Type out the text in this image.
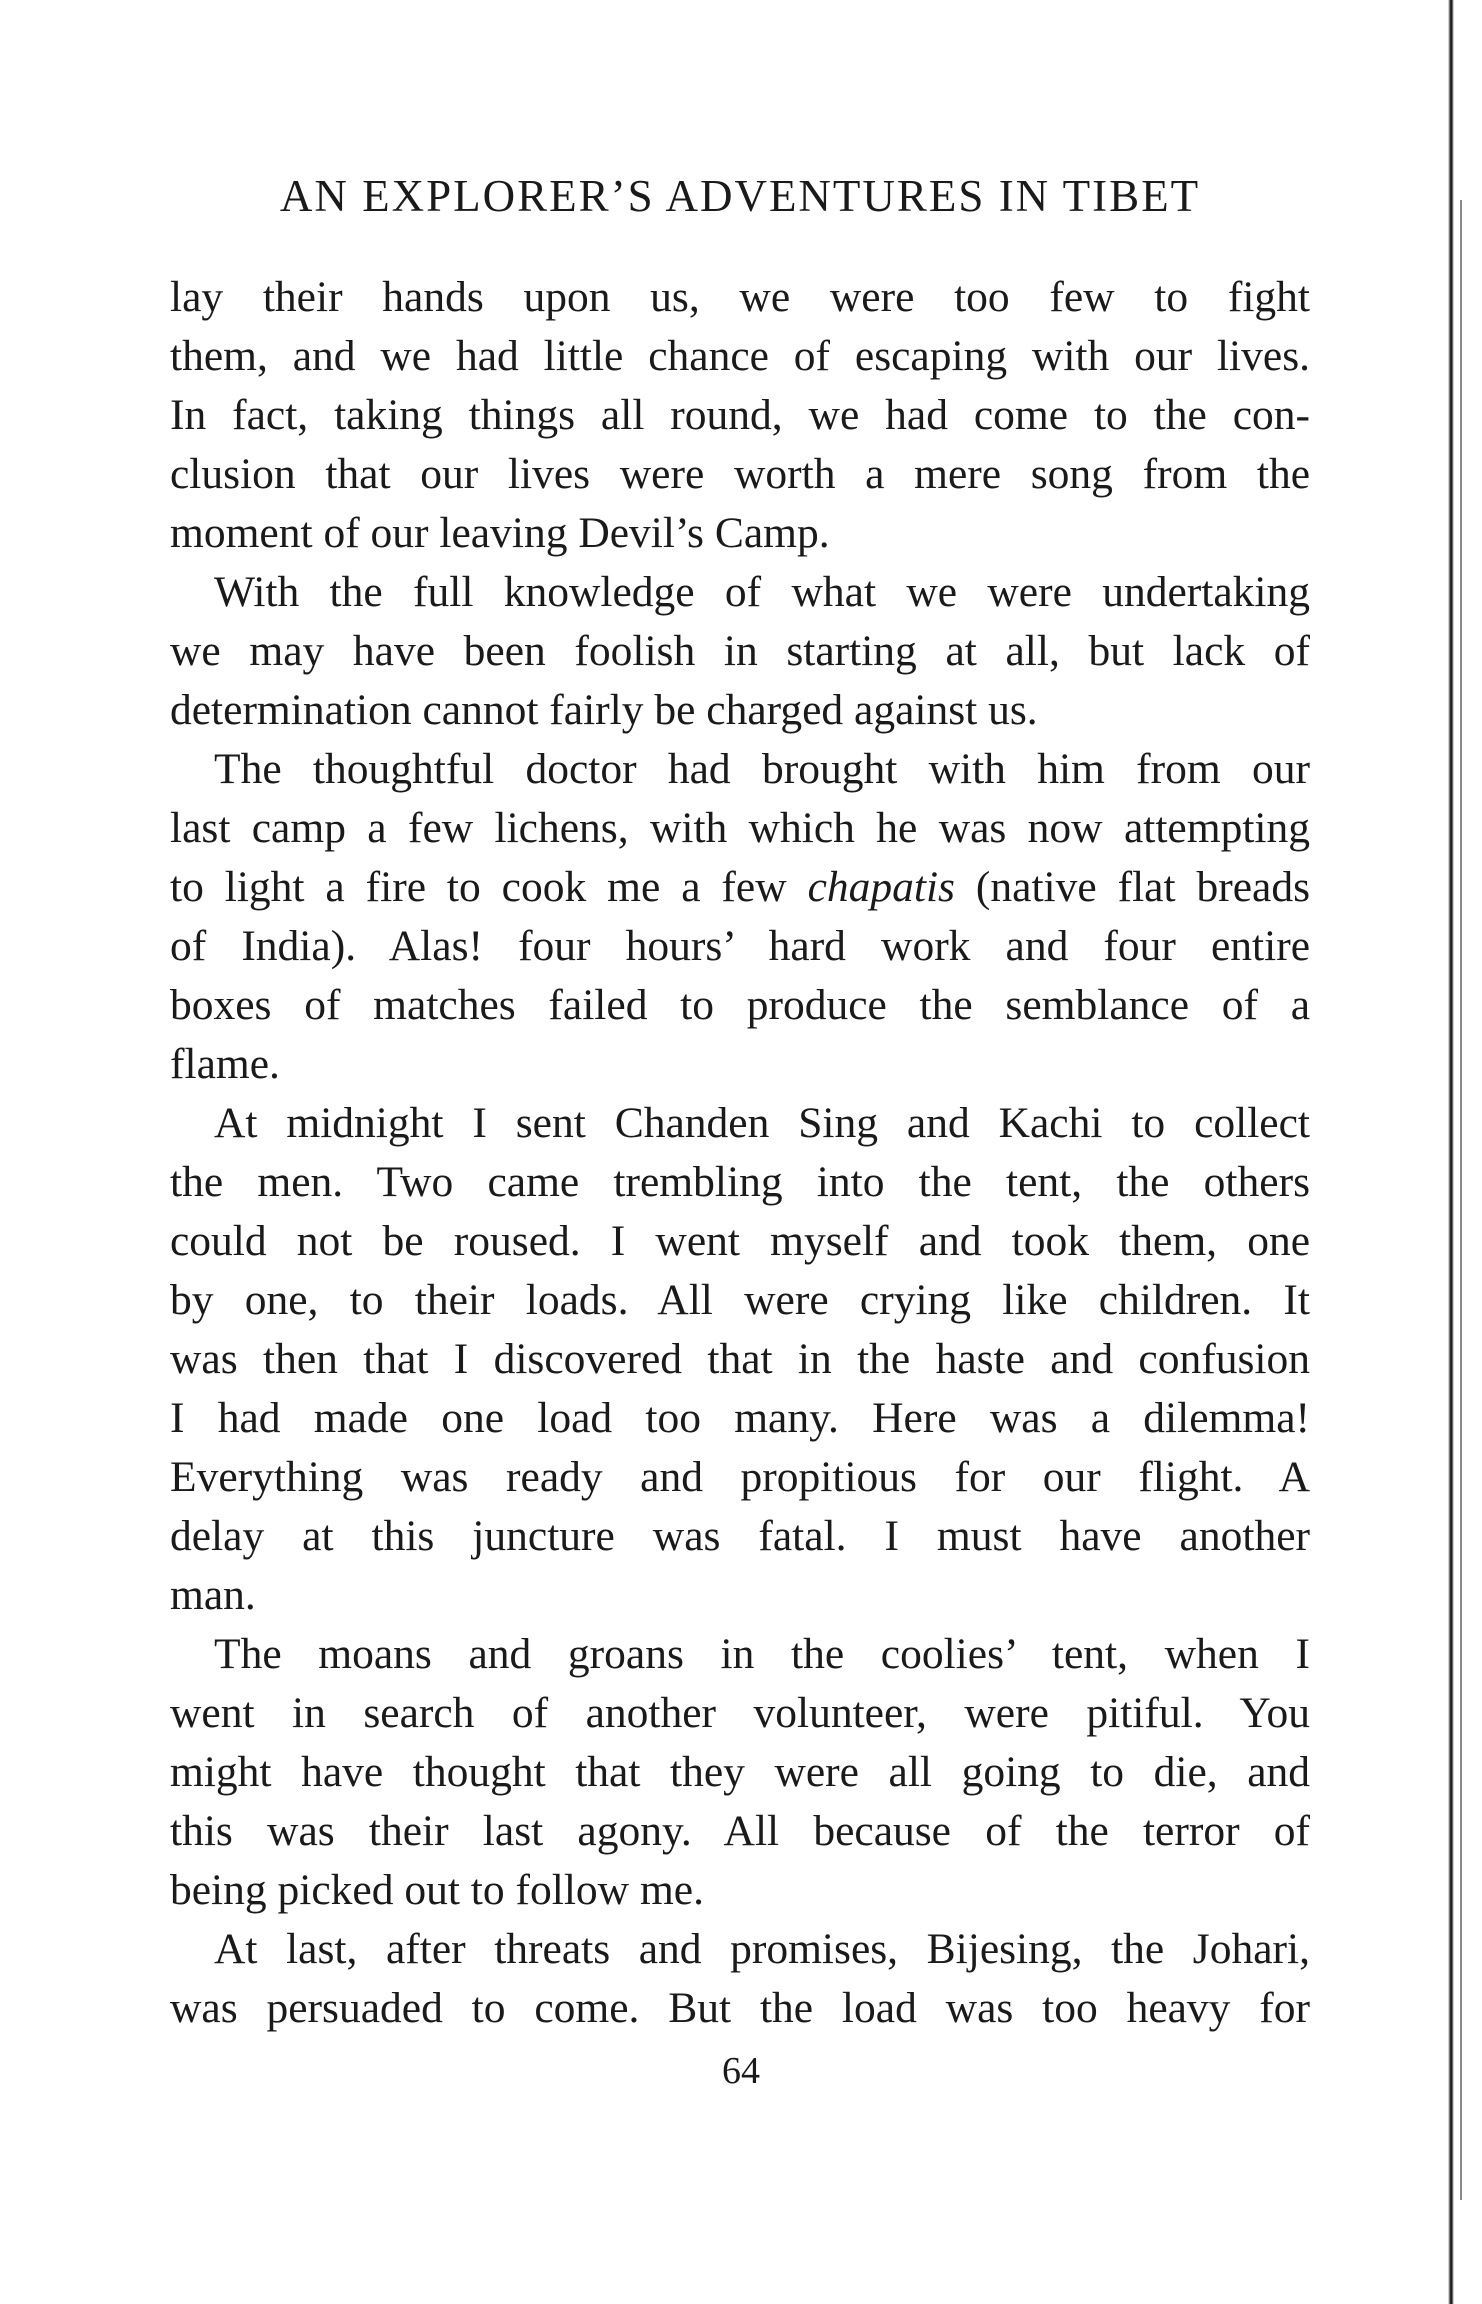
AN EXPLORER’S ADVENTURES IN TIBET
lay their hands upon us, we were too few to fight
them, and we had little chance of escaping with our lives.
In fact, taking things all round, we had come to the con-
clusion that our lives were worth a mere song from the
moment of our leaving Devil’s Camp.
With the full knowledge of what we were undertaking
we may have been foolish in starting at all, but lack of
determination cannot fairly be charged against us.
The thoughtful doctor had brought with him from our
last camp a few lichens, with which he was now attempting
to light a fire to cook me a few chapatis (native flat breads
of India). Alas! four hours’ hard work and four entire
boxes of matches failed to produce the semblance of a
flame.
At midnight I sent Chanden Sing and Kachi to collect
the men. Two came trembling into the tent, the others
could not be roused. I went myself and took them, one
by one, to their loads. All were crying like children. It
was then that I discovered that in the haste and confusion
I had made one load too many. Here was a dilemma!
Everything was ready and propitious for our flight. A
delay at this juncture was fatal. I must have another
man.
The moans and groans in the coolies’ tent, when I
went in search of another volunteer, were pitiful. You
might have thought that they were all going to die, and
this was their last agony. All because of the terror of
being picked out to follow me.
At last, after threats and promises, Bijesing, the Johari,
was persuaded to come. But the load was too heavy for
64
